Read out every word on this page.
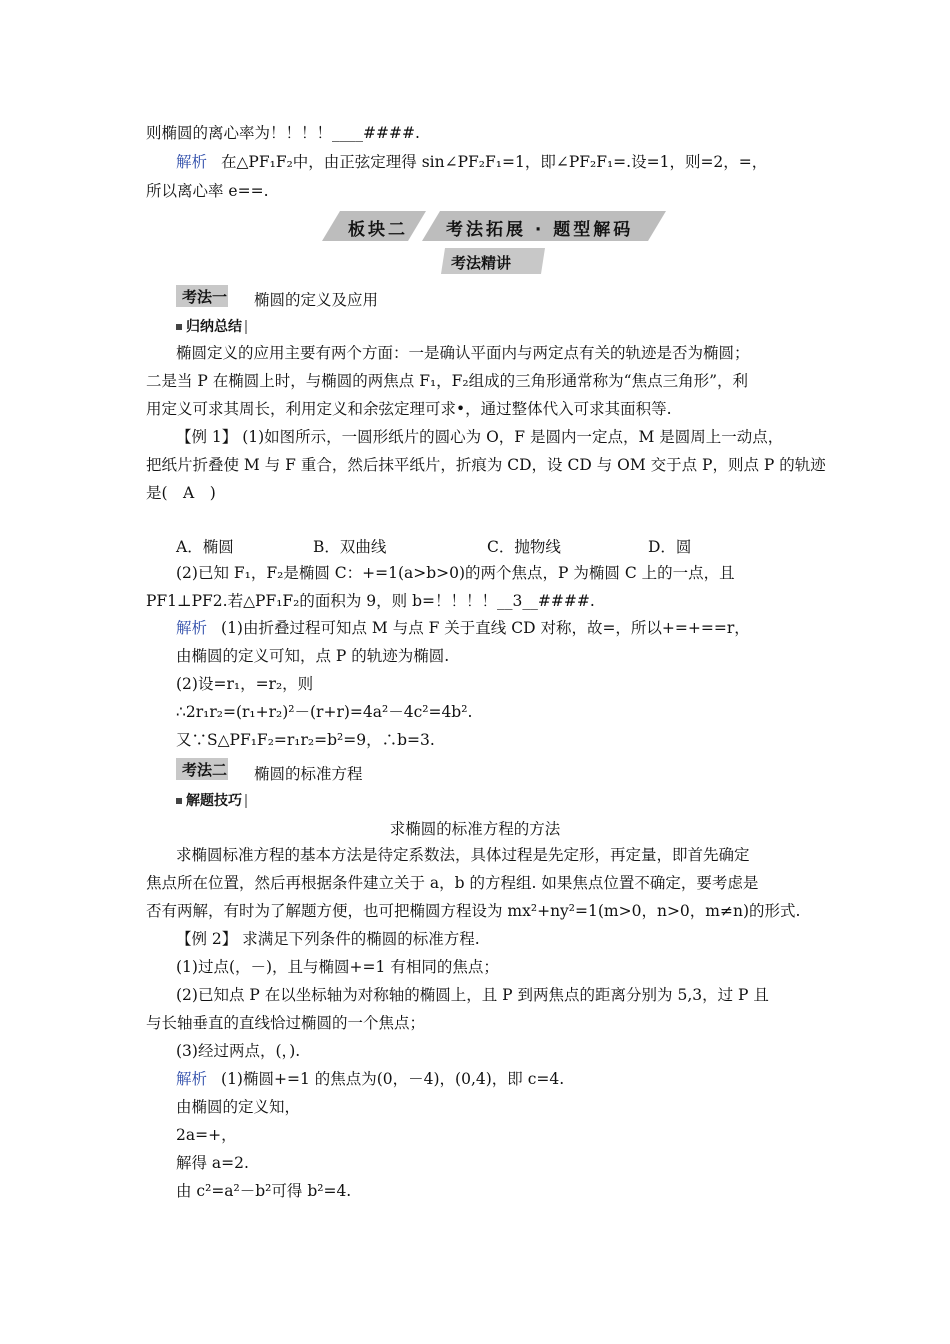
则椭圆的离心率为！！！！____####.
解析 在△PF₁F₂中，由正弦定理得 sin∠PF₂F₁=1，即∠PF₂F₁=.设=1，则=2，=，
所以离心率 e==.
板块二 考法拓展 · 题型解码
考法精讲
考法一 椭圆的定义及应用
归纳总结
椭圆定义的应用主要有两个方面：一是确认平面内与两定点有关的轨迹是否为椭圆；
二是当 P 在椭圆上时，与椭圆的两焦点 F₁，F₂组成的三角形通常称为“焦点三角形”，利
用定义可求其周长，利用定义和余弦定理可求•，通过整体代入可求其面积等.
【例 1】 (1)如图所示，一圆形纸片的圆心为 O，F 是圆内一定点，M 是圆周上一动点，
把纸片折叠使 M 与 F 重合，然后抹平纸片，折痕为 CD，设 CD 与 OM 交于点 P，则点 P 的轨迹
是(　A　)
A．椭圆	B．双曲线	C．抛物线	D．圆
(2)已知 F₁，F₂是椭圆 C：+=1(a>b>0)的两个焦点，P 为椭圆 C 上的一点，且
PF1⊥PF2.若△PF₁F₂的面积为 9，则 b=！！！！__3__####.
解析 (1)由折叠过程可知点 M 与点 F 关于直线 CD 对称，故=，所以+=+==r，
由椭圆的定义可知，点 P 的轨迹为椭圆.
(2)设=r₁，=r₂，则
∴2r₁r₂=(r₁+r₂)²－(r+r)=4a²－4c²=4b².
又∵S△PF₁F₂=r₁r₂=b²=9，∴b=3.
考法二 椭圆的标准方程
解题技巧
求椭圆的标准方程的方法
求椭圆标准方程的基本方法是待定系数法，具体过程是先定形，再定量，即首先确定
焦点所在位置，然后再根据条件建立关于 a，b 的方程组. 如果焦点位置不确定，要考虑是
否有两解，有时为了解题方便，也可把椭圆方程设为 mx²+ny²=1(m>0，n>0，m≠n)的形式.
【例 2】 求满足下列条件的椭圆的标准方程.
(1)过点(，－)，且与椭圆+=1 有相同的焦点；
(2)已知点 P 在以坐标轴为对称轴的椭圆上，且 P 到两焦点的距离分别为 5,3，过 P 且
与长轴垂直的直线恰过椭圆的一个焦点；
(3)经过两点，(，).
解析 (1)椭圆+=1 的焦点为(0，－4)，(0,4)，即 c=4.
由椭圆的定义知，
2a=+，
解得 a=2.
由 c²=a²－b²可得 b²=4.
